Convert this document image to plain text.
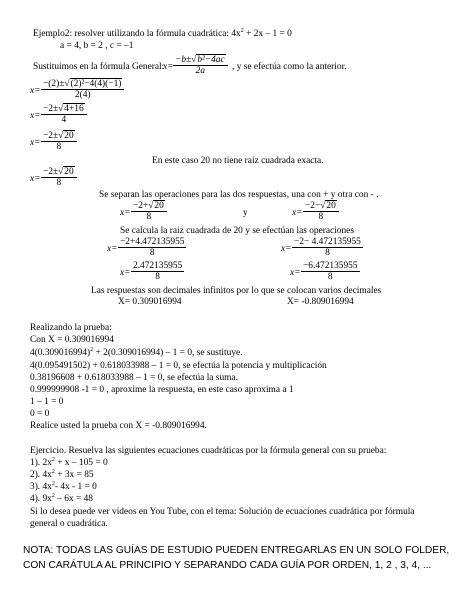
Ejemplo2: resolver utilizando la fórmula cuadrática: $4x^2 + 2x - 1 = 0$
a = 4, b = 2 , c = –1
Sustituimos en la fórmula General:
$x= \frac{\text{−b±√b²−4ac}}{2a}$ , y se efectúa como la anterior.
$x= \frac{\text{−(2)±√(2)²−4(4)(−1)}}{2(4)}$
$x= \frac{-2\pm√4+16}{4}$
$x= \frac{-2\pm√20}{8}$
En este caso 20 no tiene raíz cuadrada exacta.
$x= \frac{-2\pm√20}{8}$
Se separan las operaciones para las dos respuestas, una con + y otra con - .
$x= \frac{-2+√20}{8}$	y	$x= \frac{-2-√20}{8}$
Se calcula la raíz cuadrada de 20 y se efectúan las operaciones
$x= \frac{-2+4.472135955}{8}$	$x= \frac{-2- 4.472135955}{8}$
$x= \frac{2.472135955}{8}$	$x= \frac{-6.472135955}{8}$
Las respuestas son decimales infinitos por lo que se colocan varios decimales
X= 0.309016994	X= -0.809016994
Realizando la prueba:
Con X = 0.309016994
$4(0.309016994)^2 + 2(0.309016994) - 1 = 0$, se sustituye.
4(0.095491502) + 0.618033988 – 1 = 0, se efectúa la potencia y multiplicación
0.38196608 + 0.618033988 – 1 = 0, se efectúa la suma.
0.999999908 -1 = 0 , aproxime la respuesta, en este caso aproxima a 1
1 – 1 = 0
0 = 0
Realice usted la prueba con X = -0.809016994.
Ejercicio. Resuelva las siguientes ecuaciones cuadráticas por la fórmula general con su prueba:
1). $2x^2 + x - 105 = 0$
2). $4x^2 + 3x = 85$
3). $4x^2-$ 4x - 1 = 0
4). $9x^2 - 6x = 48$
Si lo desea puede ver videos en You Tube, con el tema: Solución de ecuaciones cuadrática por fórmula general o cuadrática.
NOTA: TODAS LAS GUÍAS DE ESTUDIO PUEDEN ENTREGARLAS EN UN SOLO FOLDER, CON CARÁTULA AL PRINCIPIO Y SEPARANDO CADA GUÍA POR ORDEN, 1, 2 , 3, 4, ...
